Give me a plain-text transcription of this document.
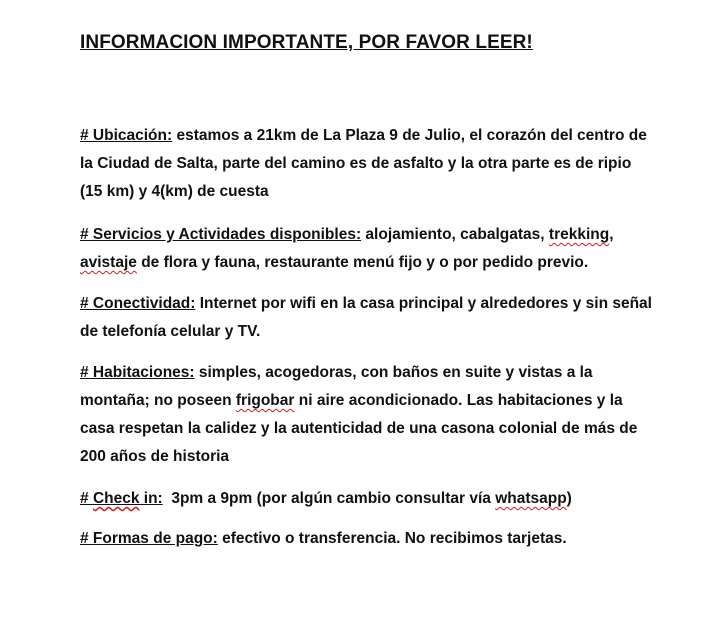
INFORMACION IMPORTANTE, POR FAVOR LEER!
# Ubicación: estamos a 21km de La Plaza 9 de Julio, el corazón del centro de la Ciudad de Salta, parte del camino es de asfalto y la otra parte es de ripio (15 km) y 4(km) de cuesta
# Servicios y Actividades disponibles: alojamiento, cabalgatas, trekking, avistaje de flora y fauna, restaurante menú fijo y o por pedido previo.
# Conectividad: Internet por wifi en la casa principal y alrededores y sin señal de telefonía celular y TV.
# Habitaciones: simples, acogedoras, con baños en suite y vistas a la montaña; no poseen frigobar ni aire acondicionado. Las habitaciones y la casa respetan la calidez y la autenticidad de una casona colonial de más de 200 años de historia
# Check in:  3pm a 9pm (por algún cambio consultar vía whatsapp)
# Formas de pago: efectivo o transferencia. No recibimos tarjetas.
